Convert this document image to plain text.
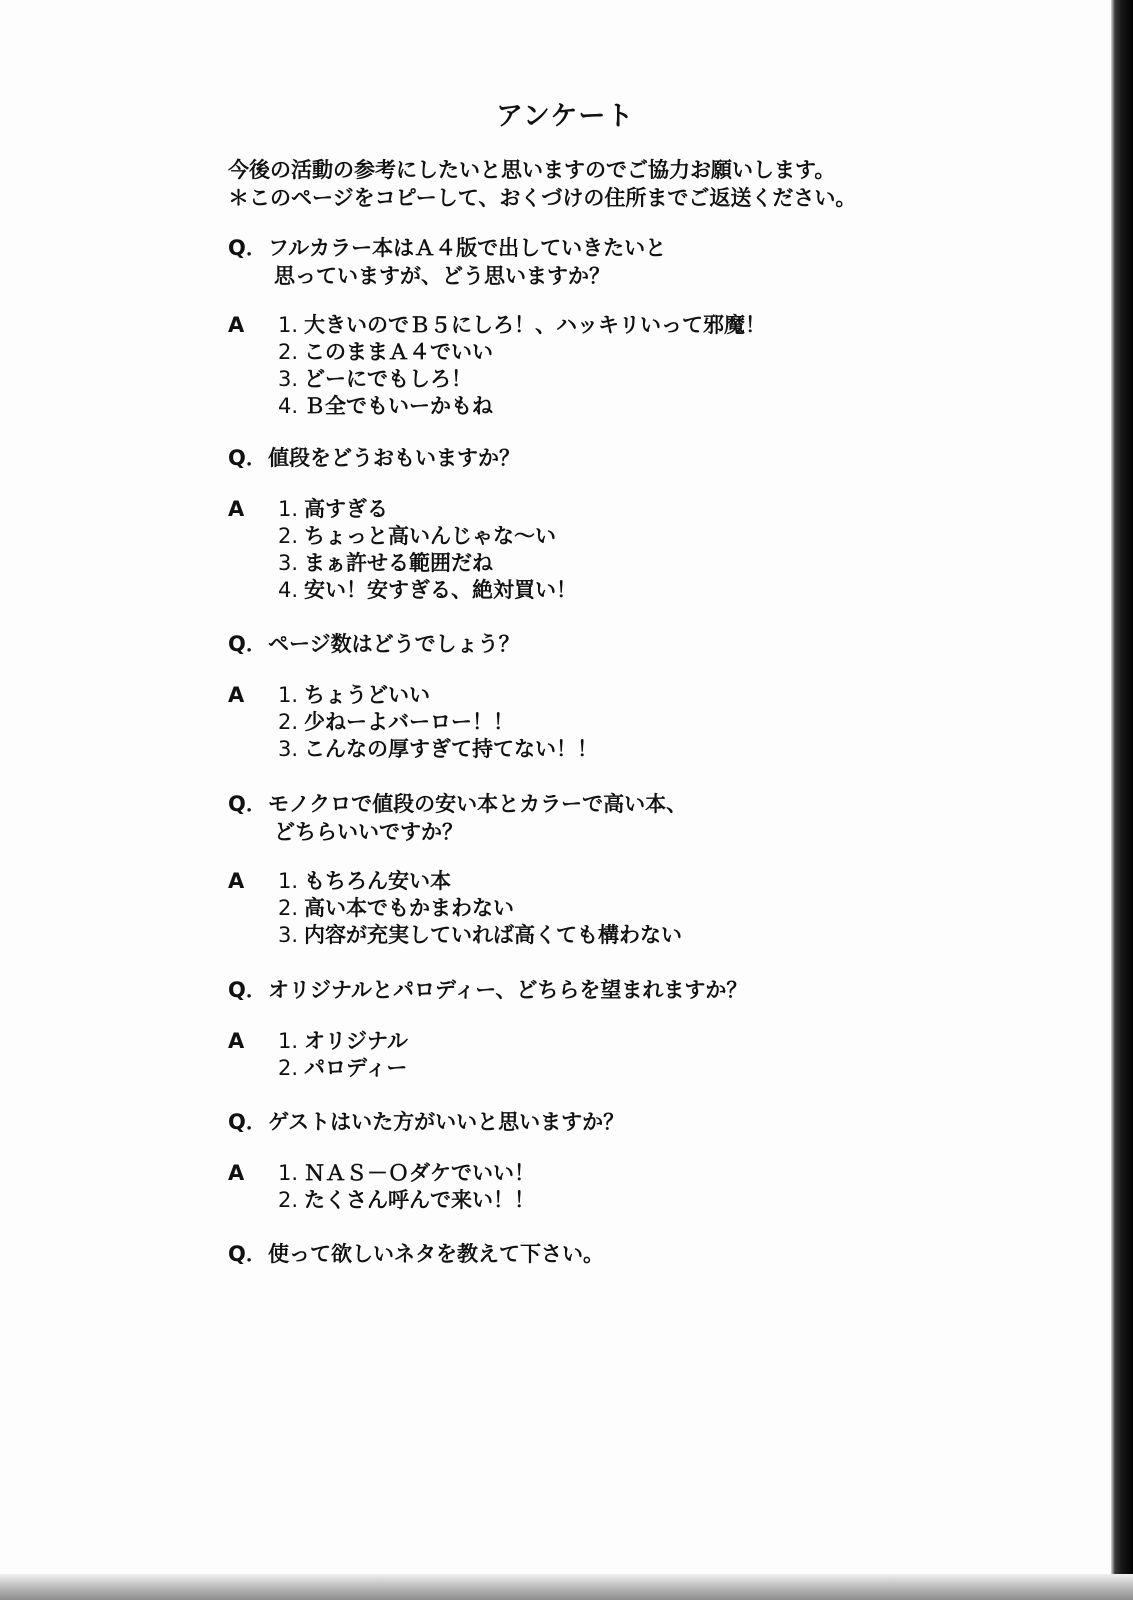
アンケート
今後の活動の参考にしたいと思いますのでご協力お願いします。
＊このページをコピーして、おくづけの住所までご返送ください。
Q．フルカラー本はＡ４版で出していきたいと
思っていますが、どう思いますか？
A	1. 大きいのでＢ５にしろ！、ハッキリいって邪魔！
2. このままＡ４でいい
3. どーにでもしろ！
4. Ｂ全でもいーかもね
Q．値段をどうおもいますか？
A	1. 高すぎる
2. ちょっと高いんじゃな〜い
3. まぁ許せる範囲だね
4. 安い！安すぎる、絶対買い！
Q．ページ数はどうでしょう？
A	1. ちょうどいい
2. 少ねーよバーロー！！
3. こんなの厚すぎて持てない！！
Q．モノクロで値段の安い本とカラーで高い本、
どちらいいですか？
A	1. もちろん安い本
2. 高い本でもかまわない
3. 内容が充実していれば高くても構わない
Q．オリジナルとパロディー、どちらを望まれますか？
A	1. オリジナル
2. パロディー
Q．ゲストはいた方がいいと思いますか？
A	1. ＮＡＳ－Ｏダケでいい！
2. たくさん呼んで来い！！
Q．使って欲しいネタを教えて下さい。
